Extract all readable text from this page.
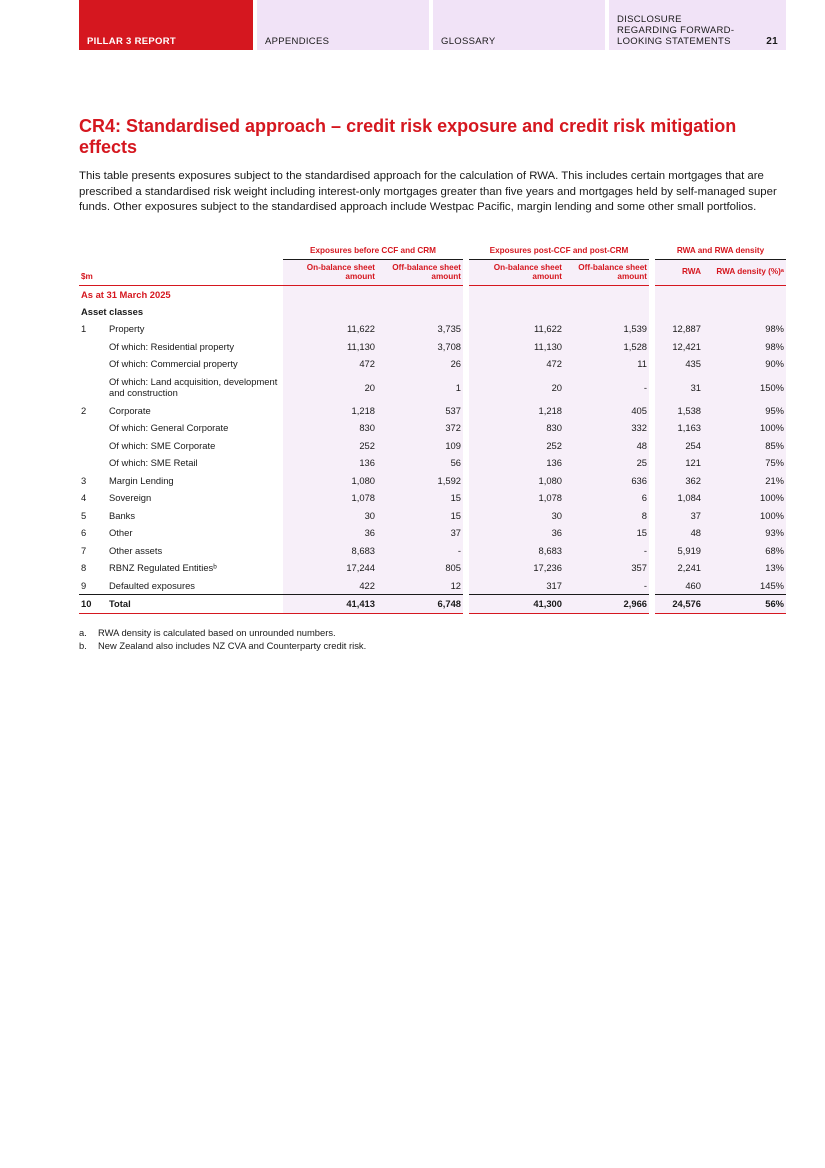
PILLAR 3 REPORT	APPENDICES	GLOSSARY
DISCLOSURE
REGARDING FORWARD-
LOOKING STATEMENTS	21
CR4: Standardised approach – credit risk exposure and credit risk mitigation effects

This table presents exposures subject to the standardised approach for the calculation of RWA. This includes certain mortgages that are prescribed a standardised risk weight including interest-only mortgages greater than five years and mortgages held by self-managed super funds. Other exposures subject to the standardised approach include Westpac Pacific, margin lending and some other small portfolios.

		Exposures before CCF and CRM		Exposures post-CCF and post-CRM		RWA and RWA density	
$m		On-balance sheet amount	Off-balance sheet amount	On-balance sheet amount	Off-balance sheet amount	RWA	RWA density (%)ᵃ
As at 31 March 2025							
Asset classes							
1	Property	11,622	3,735	11,622	1,539	12,887	98%
	Of which: Residential property	11,130	3,708	11,130	1,528	12,421	98%
	Of which: Commercial property	472	26	472	11	435	90%
	Of which: Land acquisition, development and construction	20	1	20	-	31	150%
2	Corporate	1,218	537	1,218	405	1,538	95%
	Of which: General Corporate	830	372	830	332	1,163	100%
	Of which: SME Corporate	252	109	252	48	254	85%
	Of which: SME Retail	136	56	136	25	121	75%
3	Margin Lending	1,080	1,592	1,080	636	362	21%
4	Sovereign	1,078	15	1,078	6	1,084	100%
5	Banks	30	15	30	8	37	100%
6	Other	36	37	36	15	48	93%
7	Other assets	8,683	-	8,683	-	5,919	68%
8	RBNZ Regulated Entitiesᵇ	17,244	805	17,236	357	2,241	13%
9	Defaulted exposures	422	12	317	-	460	145%
10	Total	41,413	6,748	41,300	2,966	24,576	56%
a.	RWA density is calculated based on unrounded numbers.
b.	New Zealand also includes NZ CVA and Counterparty credit risk.
